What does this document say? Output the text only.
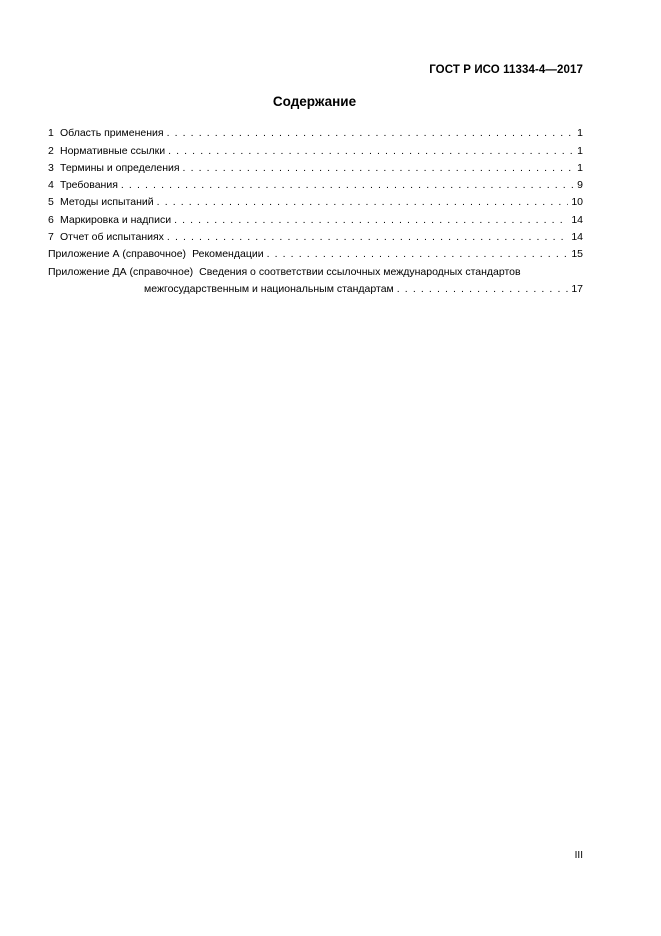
ГОСТ Р ИСО 11334-4—2017
Содержание
1 Область применения . . .	1
2 Нормативные ссылки . . .	1
3 Термины и определения . . .	1
4 Требования . . .	9
5 Методы испытаний . . .	10
6 Маркировка и надписи . . .	14
7 Отчет об испытаниях . . .	14
Приложение А (справочное) Рекомендации . . .	15
Приложение ДА (справочное) Сведения о соответствии ссылочных международных стандартов
межгосударственным и национальным стандартам . . .	17
III
